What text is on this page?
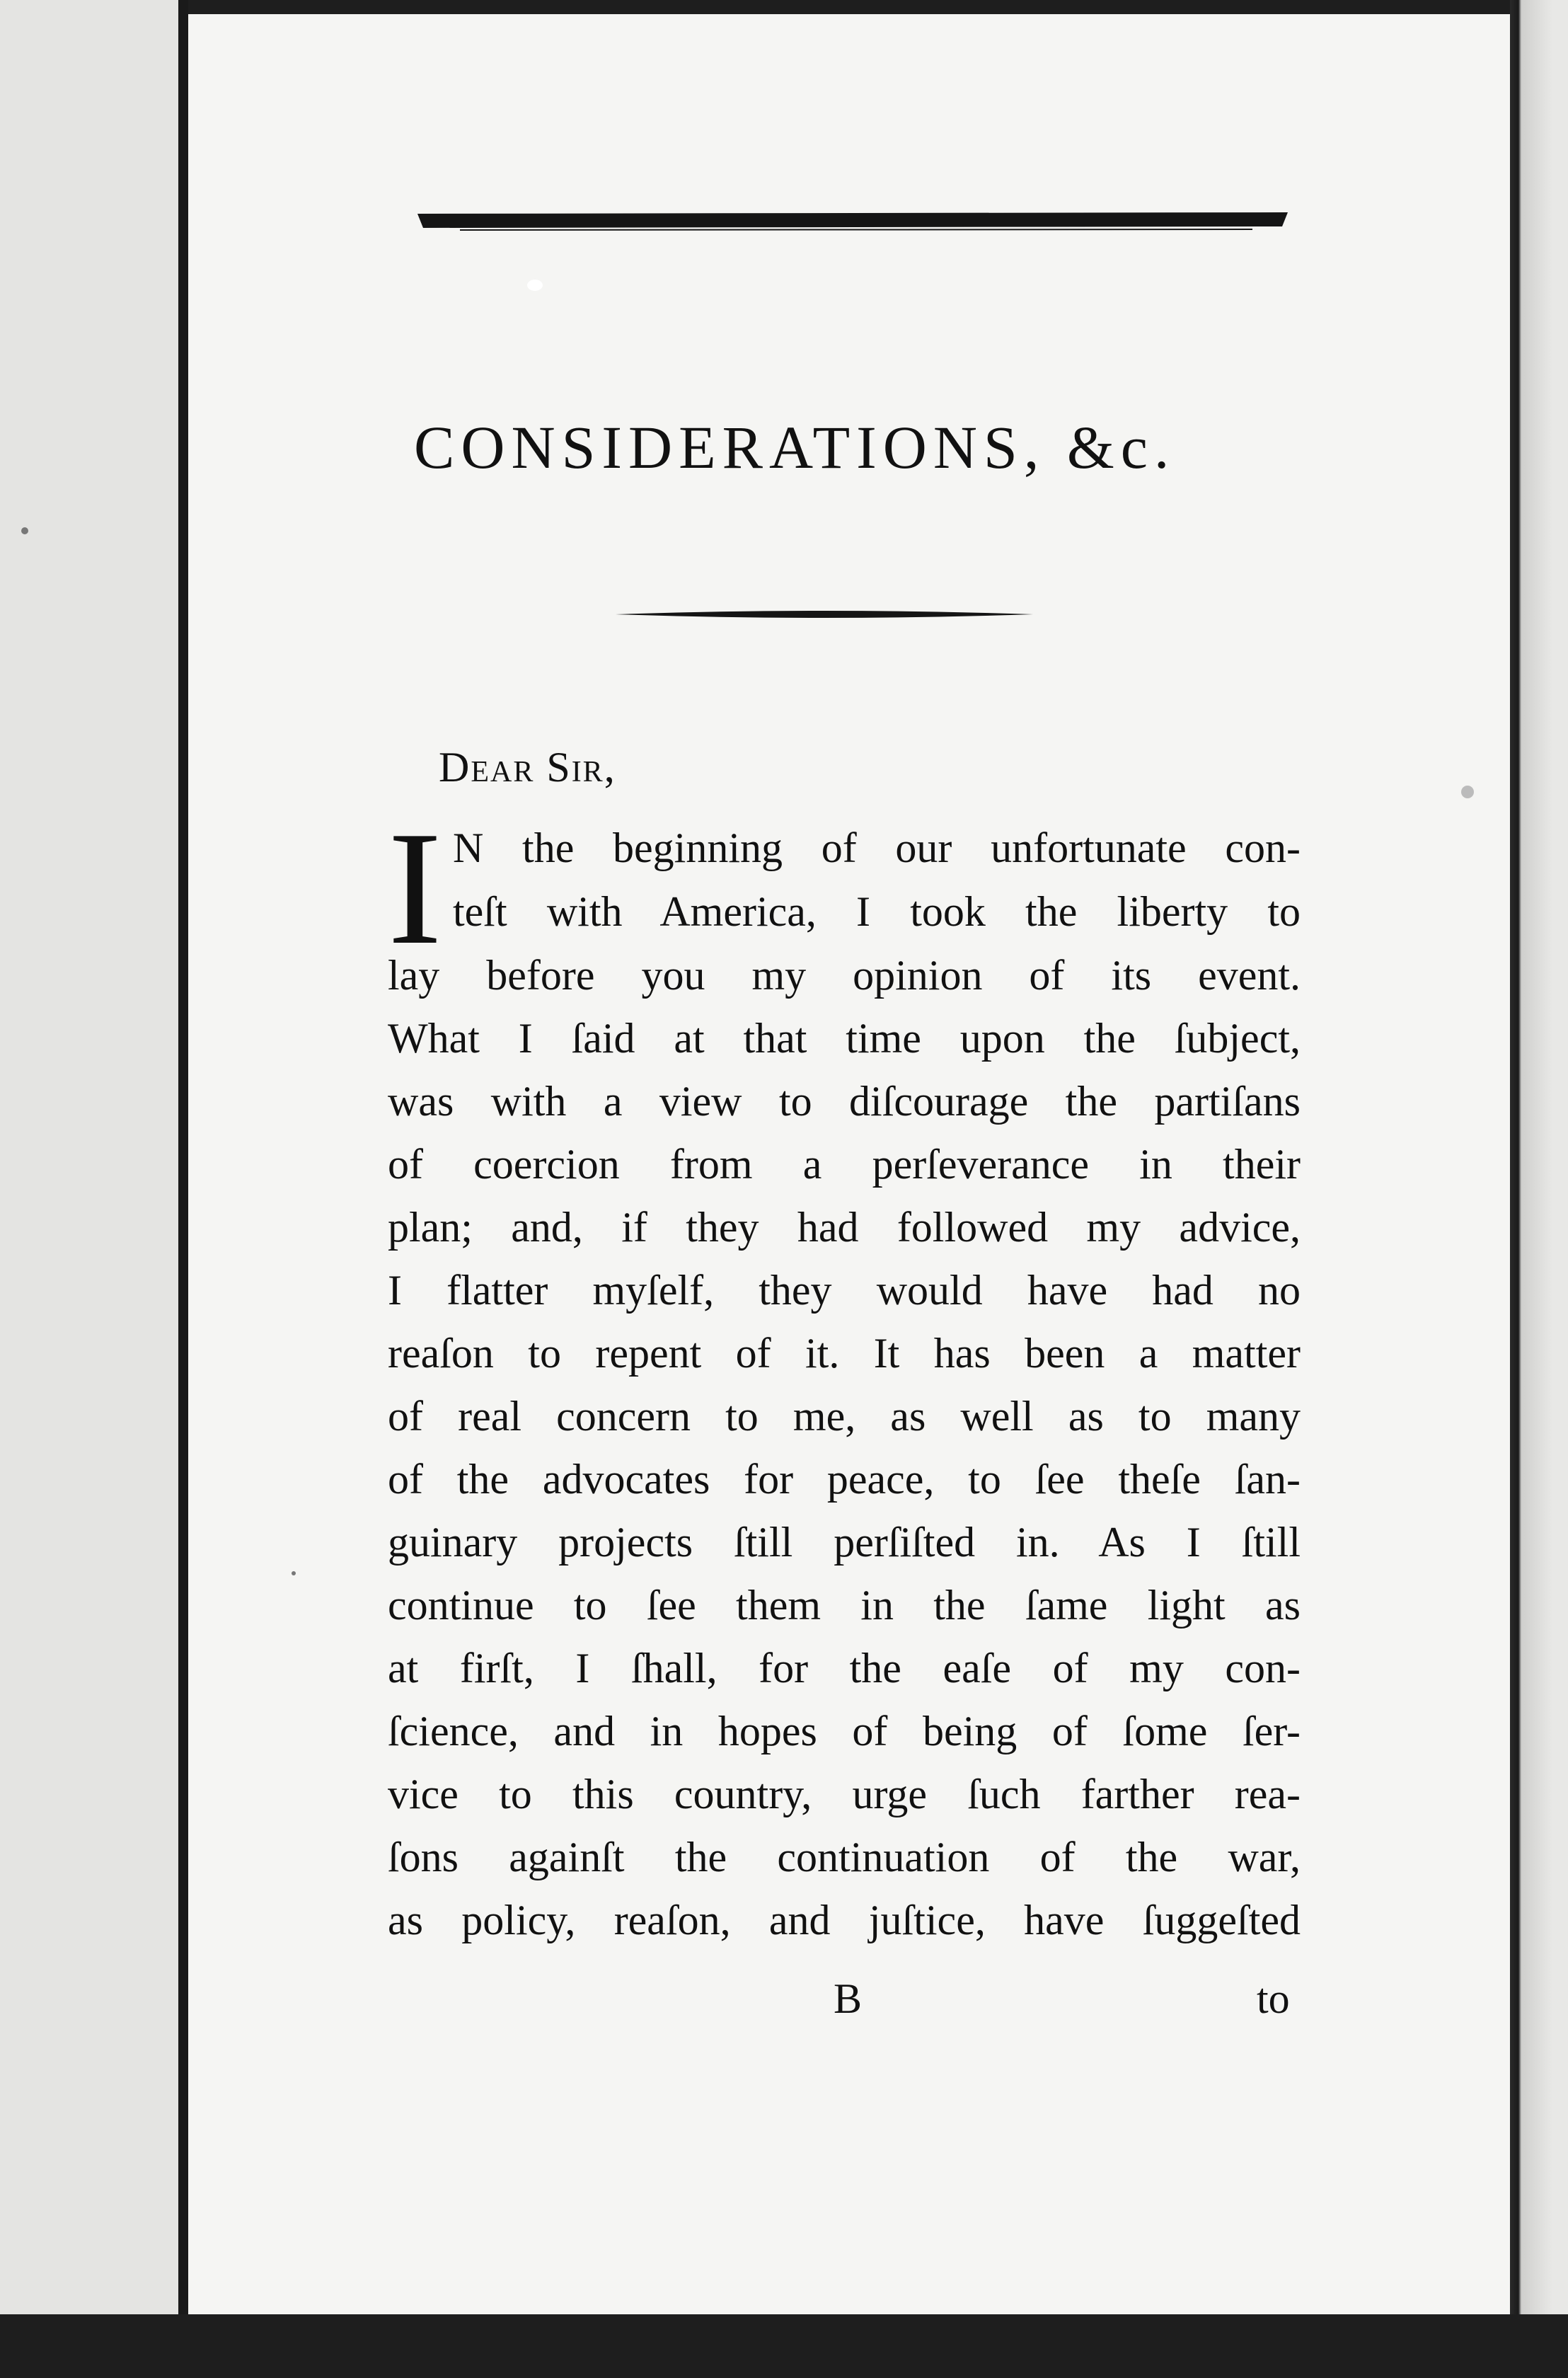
CONSIDERATIONS, &c.
Dear Sir,
I N the beginning of our unfortunate con-
teſt with America, I took the liberty to
lay before you my opinion of its event.
What I ſaid at that time upon the ſubject,
was with a view to diſcourage the partiſans
of coercion from a perſeverance in their
plan; and, if they had followed my advice,
I flatter myſelf, they would have had no
reaſon to repent of it. It has been a matter
of real concern to me, as well as to many
of the advocates for peace, to ſee theſe ſan-
guinary projects ſtill perſiſted in. As I ſtill
continue to ſee them in the ſame light as
at firſt, I ſhall, for the eaſe of my con-
ſcience, and in hopes of being of ſome ſer-
vice to this country, urge ſuch farther rea-
ſons againſt the continuation of the war,
as policy, reaſon, and juſtice, have ſuggeſted
B	to
